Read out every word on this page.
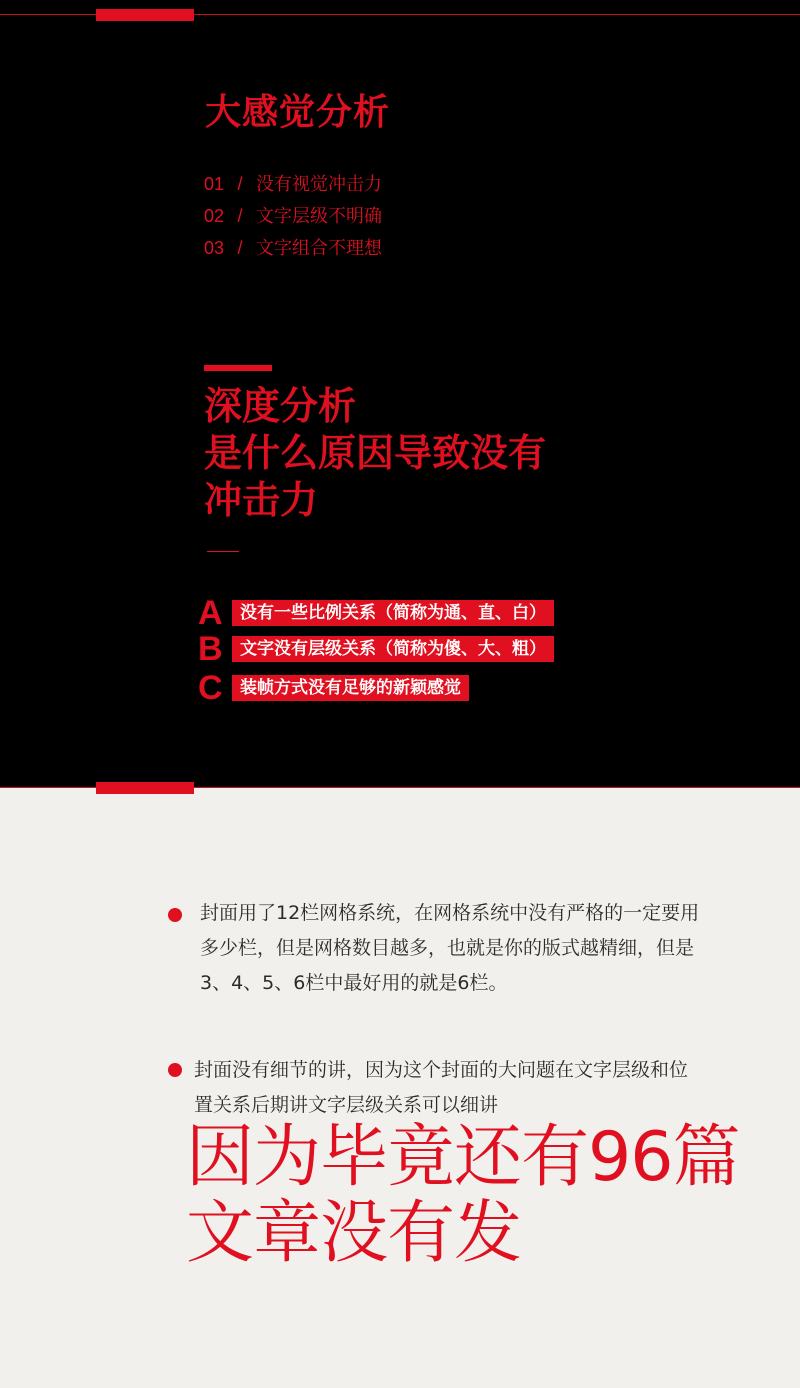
大感觉分析
01 / 没有视觉冲击力
02 / 文字层级不明确
03 / 文字组合不理想
深度分析
是什么原因导致没有
冲击力
A	没有一些比例关系（简称为通、直、白）
B	文字没有层级关系（简称为傻、大、粗）
C	装帧方式没有足够的新颖感觉
封面用了12栏网格系统，在网格系统中没有严格的一定要用
多少栏，但是网格数目越多，也就是你的版式越精细，但是
3、4、5、6栏中最好用的就是6栏。
封面没有细节的讲，因为这个封面的大问题在文字层级和位
置关系后期讲文字层级关系可以细讲
因为毕竟还有96篇
文章没有发
